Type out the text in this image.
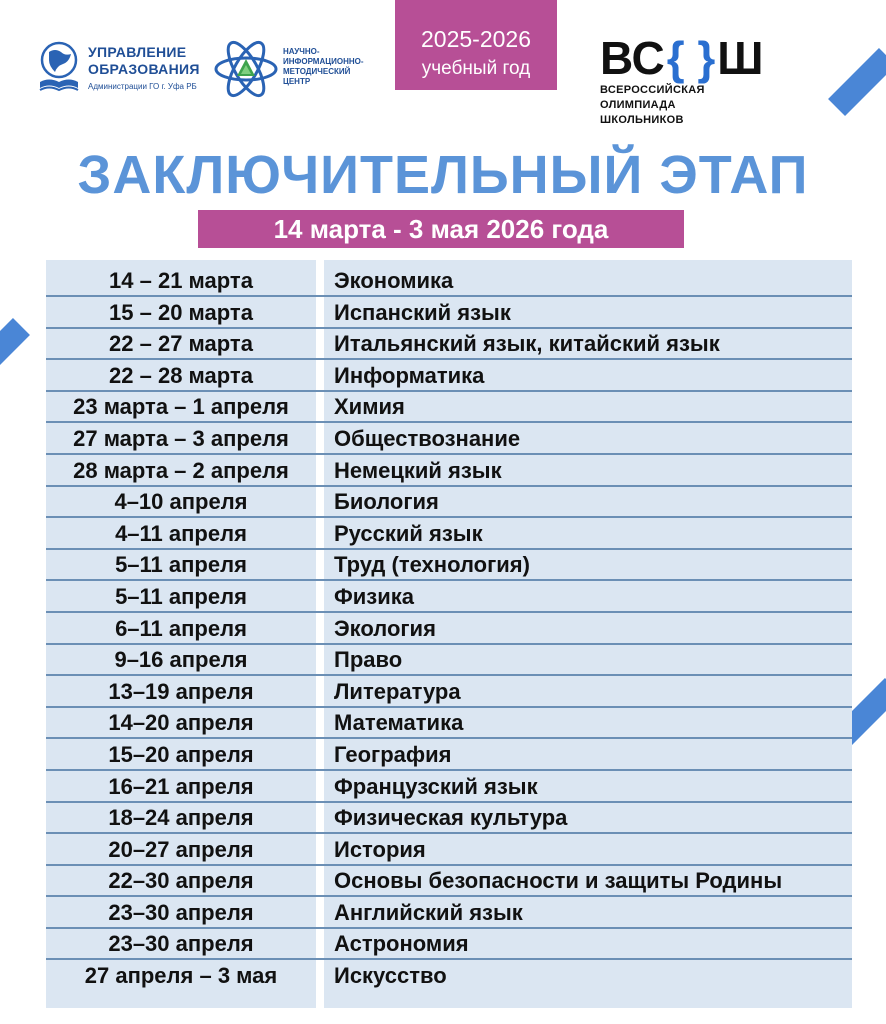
УПРАВЛЕНИЕ
ОБРАЗОВАНИЯ
Администрации ГО г. Уфа РБ
НАУЧНО-
ИНФОРМАЦИОННО-
МЕТОДИЧЕСКИЙ
ЦЕНТР
2025-2026
учебный год	ВС { } Ш
ВСЕРОССИЙСКАЯ
ОЛИМПИАДА
ШКОЛЬНИКОВ
ЗАКЛЮЧИТЕЛЬНЫЙ ЭТАП
14 марта - 3 мая 2026 года
14 – 21 марта	Экономика
15 – 20 марта	Испанский язык
22 – 27 марта	Итальянский язык, китайский язык
22 – 28 марта	Информатика
23 марта – 1 апреля	Химия
27 марта – 3 апреля	Обществознание
28 марта – 2 апреля	Немецкий язык
4–10 апреля	Биология
4–11 апреля	Русский язык
5–11 апреля	Труд (технология)
5–11 апреля	Физика
6–11 апреля	Экология
9–16 апреля	Право
13–19 апреля	Литература
14–20 апреля	Математика
15–20 апреля	География
16–21 апреля	Французский язык
18–24 апреля	Физическая культура
20–27 апреля	История
22–30 апреля	Основы безопасности и защиты Родины
23–30 апреля	Английский язык
23–30 апреля	Астрономия
27 апреля – 3 мая	Искусство
